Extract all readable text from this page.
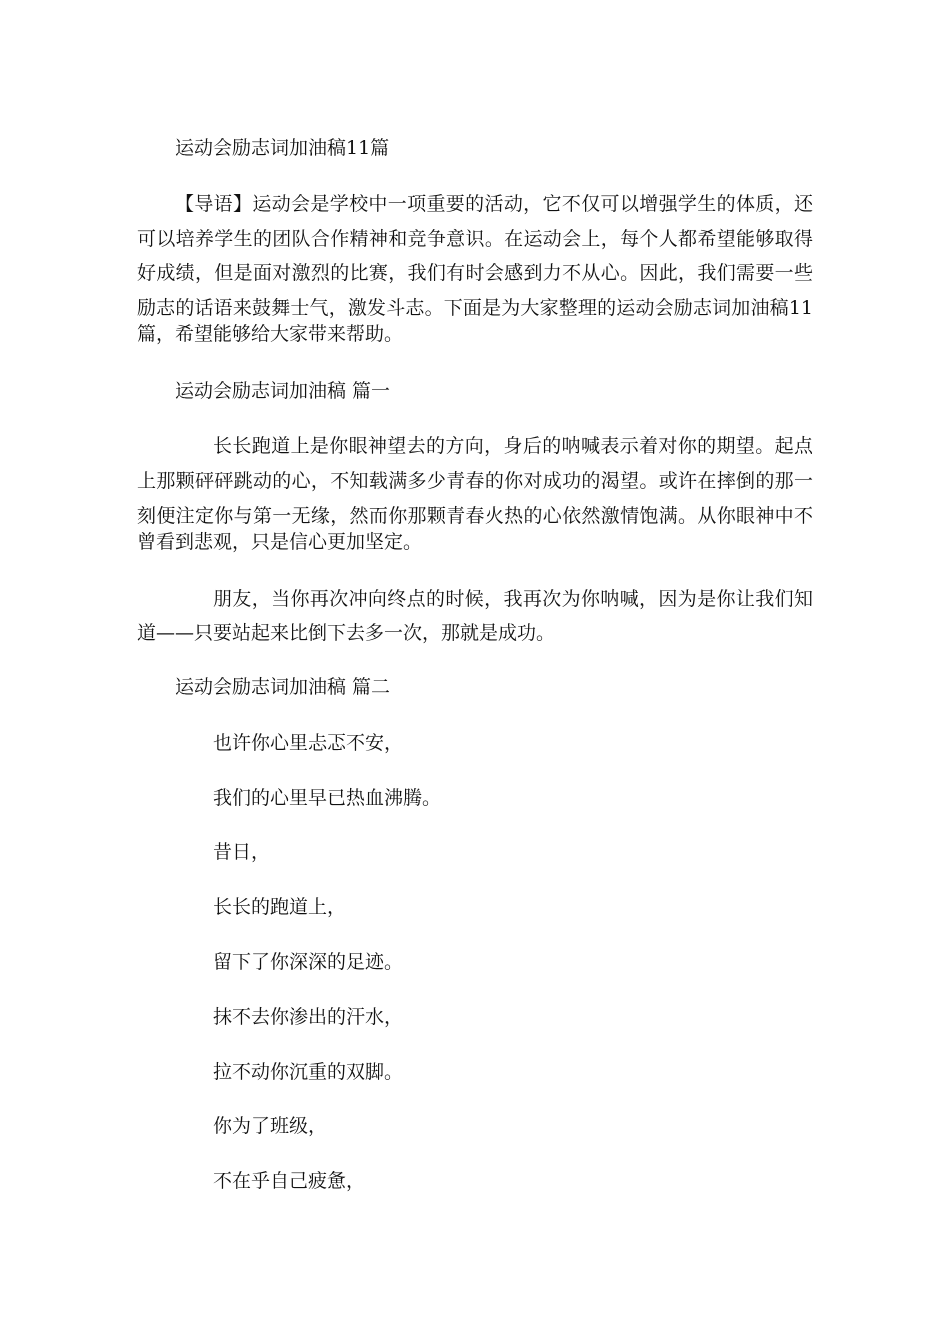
运动会励志词加油稿11篇
【导语】运动会是学校中一项重要的活动，它不仅可以增强学生的体质，还
可以培养学生的团队合作精神和竞争意识。在运动会上，每个人都希望能够取得
好成绩，但是面对激烈的比赛，我们有时会感到力不从心。因此，我们需要一些
励志的话语来鼓舞士气，激发斗志。下面是为大家整理的运动会励志词加油稿11
篇，希望能够给大家带来帮助。
运动会励志词加油稿 篇一
长长跑道上是你眼神望去的方向，身后的呐喊表示着对你的期望。起点
上那颗砰砰跳动的心，不知载满多少青春的你对成功的渴望。或许在摔倒的那一
刻便注定你与第一无缘，然而你那颗青春火热的心依然激情饱满。从你眼神中不
曾看到悲观，只是信心更加坚定。
朋友，当你再次冲向终点的时候，我再次为你呐喊，因为是你让我们知
道——只要站起来比倒下去多一次，那就是成功。
运动会励志词加油稿 篇二
也许你心里忐忑不安，
我们的心里早已热血沸腾。
昔日，
长长的跑道上，
留下了你深深的足迹。
抹不去你渗出的汗水，
拉不动你沉重的双脚。
你为了班级，
不在乎自己疲惫，
